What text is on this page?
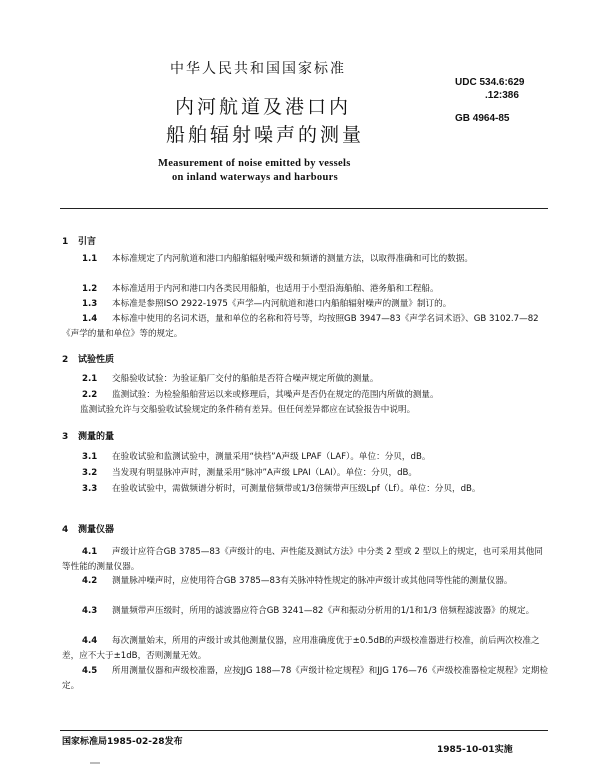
中华人民共和国国家标准
UDC 534.6:629
.12:386
GB 4964-85
内河航道及港口内
船舶辐射噪声的测量
Measurement of noise emitted by vessels
on inland waterways and harbours
1 引言
1.1 本标准规定了内河航道和港口内船舶辐射噪声级和频谱的测量方法，以取得准确和可比的数据。
1.2 本标准适用于内河和港口内各类民用船舶，也适用于小型沿海船舶、港务船和工程船。
1.3 本标准是参照ISO 2922-1975《声学—内河航道和港口内船舶辐射噪声的测量》制订的。
1.4 本标准中使用的名词术语，量和单位的名称和符号等，均按照GB 3947—83《声学名词术语》、GB 3102.7—82《声学的量和单位》等的规定。
2 试验性质
2.1 交船验收试验：为验证船厂交付的船舶是否符合噪声规定所做的测量。
2.2 监测试验：为检验船舶营运以来或修理后，其噪声是否仍在规定的范围内所做的测量。
监测试验允许与交船验收试验规定的条件稍有差异。但任何差异都应在试验报告中说明。
3 测量的量
3.1 在验收试验和监测试验中，测量采用“快档”A声级 LPAF（LAF）。单位：分贝，dB。
3.2 当发现有明显脉冲声时，测量采用“脉冲”A声级 LPAI（LAI）。单位：分贝，dB。
3.3 在验收试验中，需做频谱分析时，可测量倍频带或1/3倍频带声压级Lpf（Lf）。单位：分贝，dB。
4 测量仪器
4.1 声级计应符合GB 3785—83《声级计的电、声性能及测试方法》中分类 2 型或 2 型以上的规定，也可采用其他同等性能的测量仪器。
4.2 测量脉冲噪声时，应使用符合GB 3785—83有关脉冲特性规定的脉冲声级计或其他同等性能的测量仪器。
4.3 测量频带声压级时，所用的滤波器应符合GB 3241—82《声和振动分析用的1/1和1/3 倍频程滤波器》的规定。
4.4 每次测量始末，所用的声级计或其他测量仪器，应用准确度优于±0.5dB的声级校准器进行校准，前后两次校准之差，应不大于±1dB，否则测量无效。
4.5 所用测量仪器和声级校准器，应按JJG 188—78《声级计检定规程》和JJG 176—76《声级校准器检定规程》定期检定。
国家标准局1985-02-28发布
1985-10-01实施
